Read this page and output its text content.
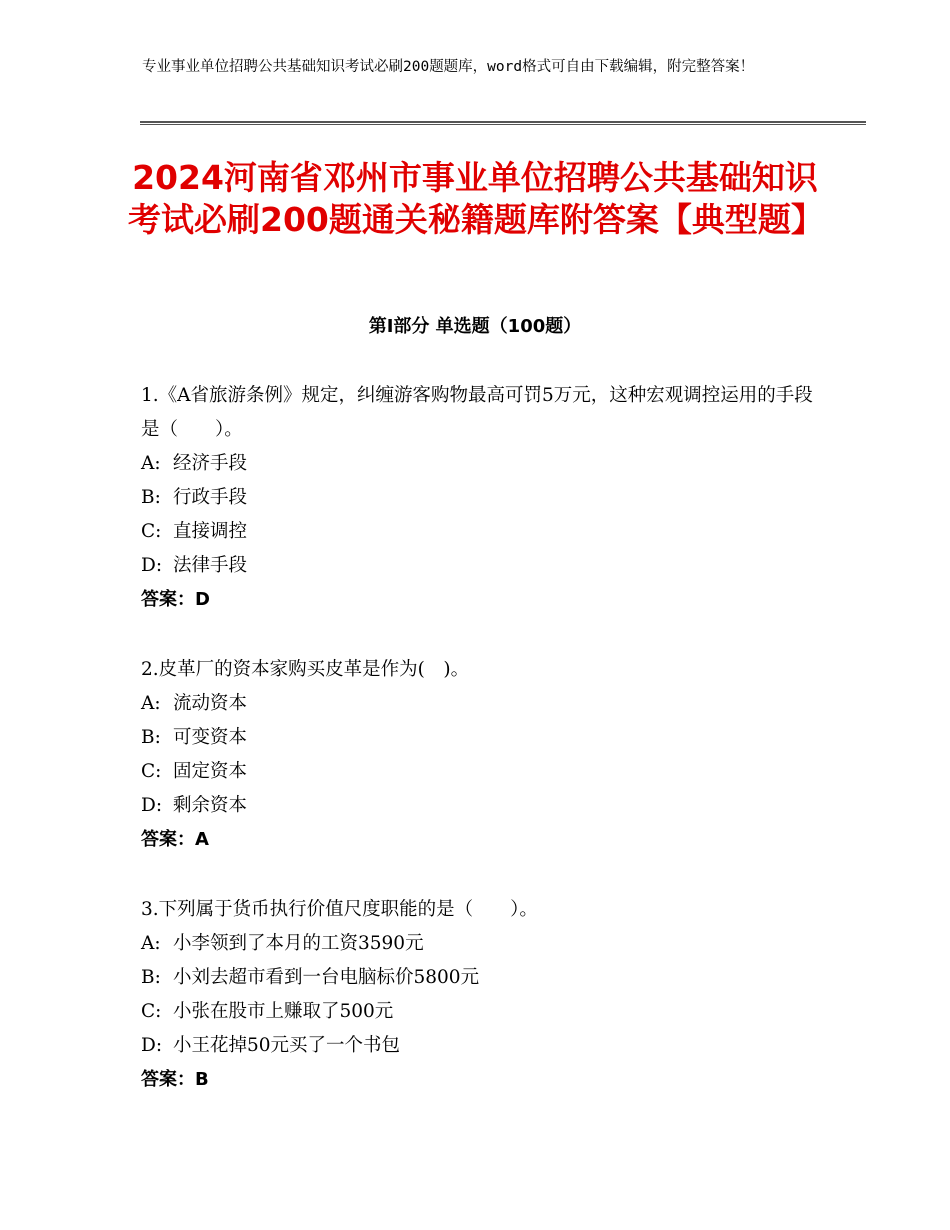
专业事业单位招聘公共基础知识考试必刷200题题库，word格式可自由下载编辑，附完整答案！
2024河南省邓州市事业单位招聘公共基础知识考试必刷200题通关秘籍题库附答案【典型题】
第Ⅰ部分 单选题（100题）

1.《A省旅游条例》规定，纠缠游客购物最高可罚5万元，这种宏观调控运用的手段是（　　）。

A: 经济手段

B: 行政手段

C: 直接调控

D: 法律手段

答案：D

2.皮革厂的资本家购买皮革是作为(　)。

A: 流动资本

B: 可变资本

C: 固定资本

D: 剩余资本

答案：A

3.下列属于货币执行价值尺度职能的是（　　）。

A: 小李领到了本月的工资3590元

B: 小刘去超市看到一台电脑标价5800元

C: 小张在股市上赚取了500元

D: 小王花掉50元买了一个书包

答案：B
